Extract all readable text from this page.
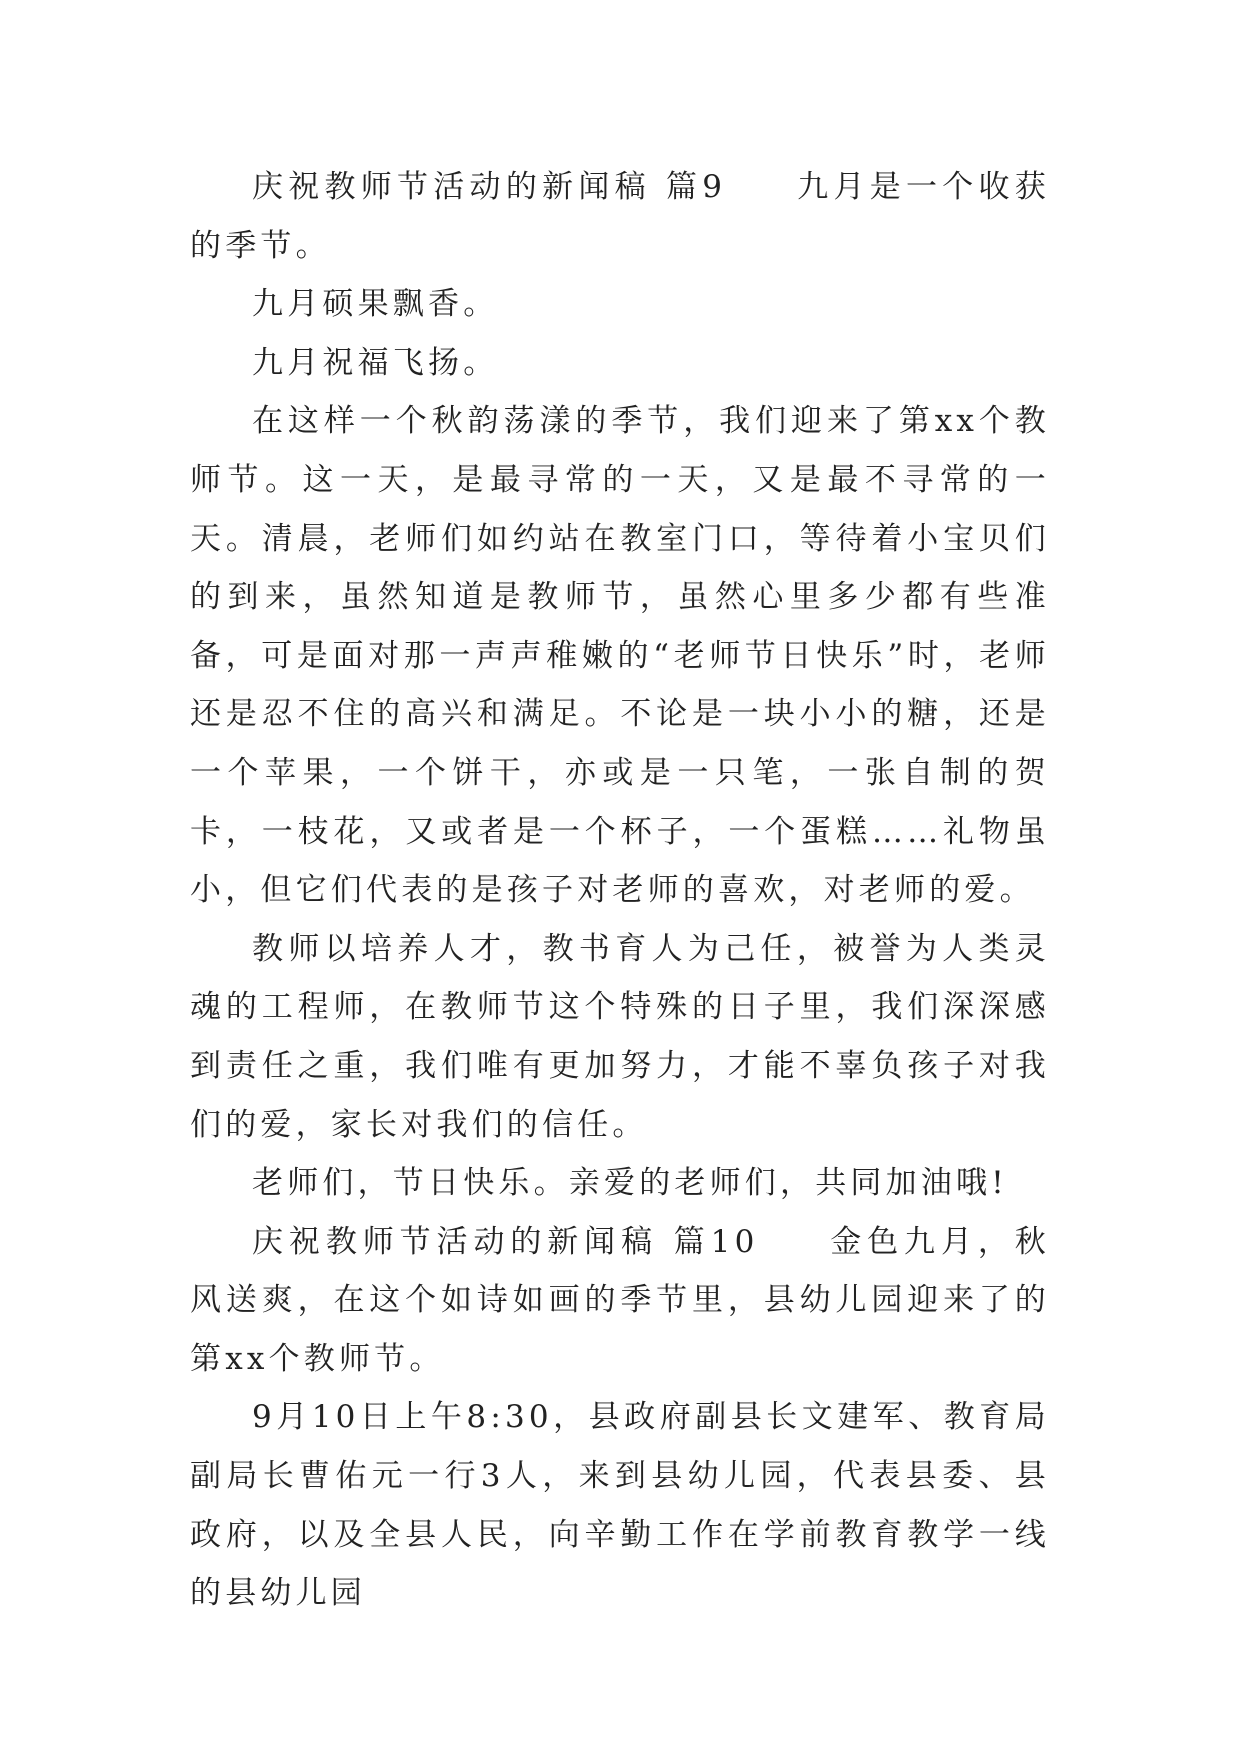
庆祝教师节活动的新闻稿 篇9 九月是一个收获的季节。

九月硕果飘香。

九月祝福飞扬。

在这样一个秋韵荡漾的季节，我们迎来了第xx个教师节。这一天，是最寻常的一天，又是最不寻常的一天。清晨，老师们如约站在教室门口，等待着小宝贝们的到来，虽然知道是教师节，虽然心里多少都有些准备，可是面对那一声声稚嫩的“老师节日快乐”时，老师还是忍不住的高兴和满足。不论是一块小小的糖，还是一个苹果，一个饼干，亦或是一只笔，一张自制的贺卡，一枝花，又或者是一个杯子，一个蛋糕……礼物虽小，但它们代表的是孩子对老师的喜欢，对老师的爱。

教师以培养人才，教书育人为己任，被誉为人类灵魂的工程师，在教师节这个特殊的日子里，我们深深感到责任之重，我们唯有更加努力，才能不辜负孩子对我们的爱，家长对我们的信任。

老师们，节日快乐。亲爱的老师们，共同加油哦!

庆祝教师节活动的新闻稿 篇10 金色九月，秋风送爽，在这个如诗如画的季节里，县幼儿园迎来了的第xx个教师节。

9月10日上午8:30，县政府副县长文建军、教育局副局长曹佑元一行3人，来到县幼儿园，代表县委、县政府，以及全县人民，向辛勤工作在学前教育教学一线的县幼儿园
